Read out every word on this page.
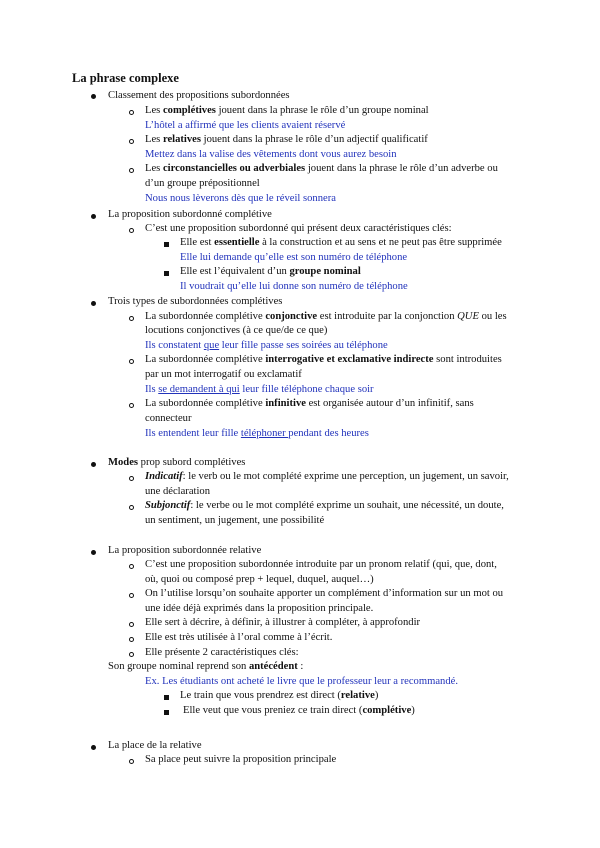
La phrase complexe
Classement des propositions subordonnées
Les complétives jouent dans la phrase le rôle d’un groupe nominal
L’hôtel a affirmé que les clients avaient réservé
Les relatives jouent dans la phrase le rôle d’un adjectif qualificatif
Mettez dans la valise des vêtements dont vous aurez besoin
Les circonstancielles ou adverbiales jouent dans la phrase le rôle d’un adverbe ou
d’un groupe prépositionnel
Nous nous lèverons dès que le réveil sonnera
La proposition subordonné complétive
C’est une proposition subordonné qui présent deux caractéristiques clés:
Elle est essentielle à la construction et au sens et ne peut pas être supprimée
Elle lui demande qu’elle est son numéro de téléphone
Elle est l’équivalent d’un groupe nominal
Il voudrait qu’elle lui donne son numéro de téléphone
Trois types de subordonnées complétives
La subordonnée complétive conjonctive est introduite par la conjonction QUE ou les
locutions conjonctives (à ce que/de ce que)
Ils constatent que leur fille passe ses soirées au téléphone
La subordonnée complétive interrogative et exclamative indirecte sont introduites
par un mot interrogatif ou exclamatif
Ils se demandent à qui leur fille téléphone chaque soir
La subordonnée complétive infinitive est organisée autour d’un infinitif, sans
connecteur
Ils entendent leur fille téléphoner pendant des heures
Modes prop subord complétives
Indicatif: le verb ou le mot complété exprime une perception, un jugement, un savoir,
une déclaration
Subjonctif: le verbe ou le mot complété exprime un souhait, une nécessité, un doute,
un sentiment, un jugement, une possibilité
La proposition subordonnée relative
C’est une proposition subordonnée introduite par un pronom relatif (qui, que, dont,
où, quoi ou composé prep + lequel, duquel, auquel…)
On l’utilise lorsqu’on souhaite apporter un complément d’information sur un mot ou
une idée déjà exprimés dans la proposition principale.
Elle sert à décrire, à définir, à illustrer à compléter, à approfondir
Elle est très utilisée à l’oral comme à l’écrit.
Elle présente 2 caractéristiques clés:
Son groupe nominal reprend son antécédent :
Ex. Les étudiants ont acheté le livre que le professeur leur a recommandé.
Le train que vous prendrez est direct (relative)
Elle veut que vous preniez ce train direct (complétive)
La place de la relative
Sa place peut suivre la proposition principale
